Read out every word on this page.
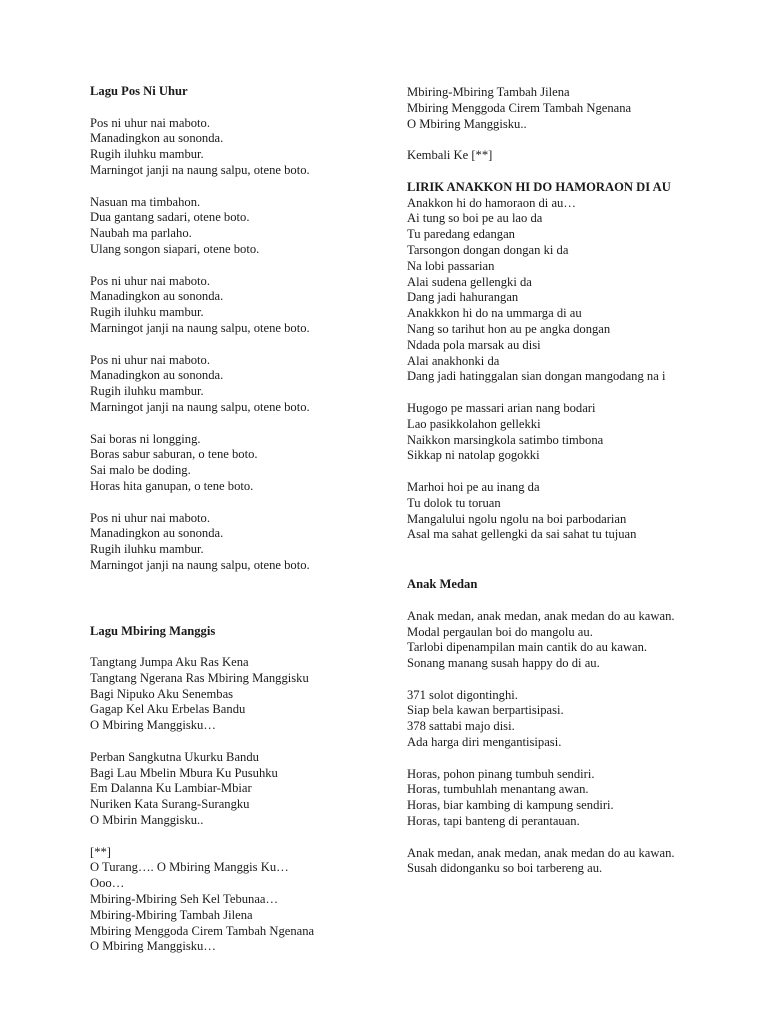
Lagu Pos Ni Uhur
Pos ni uhur nai maboto.
Manadingkon au sononda.
Rugih iluhku mambur.
Marningot janji na naung salpu, otene boto.
Nasuan ma timbahon.
Dua gantang sadari, otene boto.
Naubah ma parlaho.
Ulang songon siapari, otene boto.
Pos ni uhur nai maboto.
Manadingkon au sononda.
Rugih iluhku mambur.
Marningot janji na naung salpu, otene boto.
Pos ni uhur nai maboto.
Manadingkon au sononda.
Rugih iluhku mambur.
Marningot janji na naung salpu, otene boto.
Sai boras ni longging.
Boras sabur saburan, o tene boto.
Sai malo be doding.
Horas hita ganupan, o tene boto.
Pos ni uhur nai maboto.
Manadingkon au sononda.
Rugih iluhku mambur.
Marningot janji na naung salpu, otene boto.
Lagu Mbiring Manggis
Tangtang Jumpa Aku Ras Kena
Tangtang Ngerana Ras Mbiring Manggisku
Bagi Nipuko Aku Senembas
Gagap Kel Aku Erbelas Bandu
O Mbiring Manggisku…
Perban Sangkutna Ukurku Bandu
Bagi Lau Mbelin Mbura Ku Pusuhku
Em Dalanna Ku Lambiar-Mbiar
Nuriken Kata Surang-Surangku
O Mbirin Manggisku..
[**]
O Turang…. O Mbiring Manggis Ku…
Ooo…
Mbiring-Mbiring Seh Kel Tebunaa…
Mbiring-Mbiring Tambah Jilena
Mbiring Menggoda Cirem Tambah Ngenana
O Mbiring Manggisku…
Mbiring-Mbiring Tambah Jilena
Mbiring Menggoda Cirem Tambah Ngenana
O Mbiring Manggisku..
Kembali Ke [**]
LIRIK ANAKKON HI DO HAMORAON DI AU
Anakkon hi do hamoraon di au…
Ai tung so boi pe au lao da
Tu paredang edangan
Tarsongon dongan dongan ki da
Na lobi passarian
Alai sudena gellengki da
Dang jadi hahurangan
Anakkkon hi do na ummarga di au
Nang so tarihut hon au pe angka dongan
Ndada pola marsak au disi
Alai anakhonki da
Dang jadi hatinggalan sian dongan mangodang na i
Hugogo pe massari arian nang bodari
Lao pasikkolahon gellekki
Naikkon marsingkola satimbo timbona
Sikkap ni natolap gogokki
Marhoi hoi pe au inang da
Tu dolok tu toruan
Mangalului ngolu ngolu na boi parbodarian
Asal ma sahat gellengki da sai sahat tu tujuan
Anak Medan
Anak medan, anak medan, anak medan do au kawan.
Modal pergaulan boi do mangolu au.
Tarlobi dipenampilan main cantik do au kawan.
Sonang manang susah happy do di au.
371 solot digontinghi.
Siap bela kawan berpartisipasi.
378 sattabi majo disi.
Ada harga diri mengantisipasi.
Horas, pohon pinang tumbuh sendiri.
Horas, tumbuhlah menantang awan.
Horas, biar kambing di kampung sendiri.
Horas, tapi banteng di perantauan.
Anak medan, anak medan, anak medan do au kawan.
Susah didonganku so boi tarbereng au.
